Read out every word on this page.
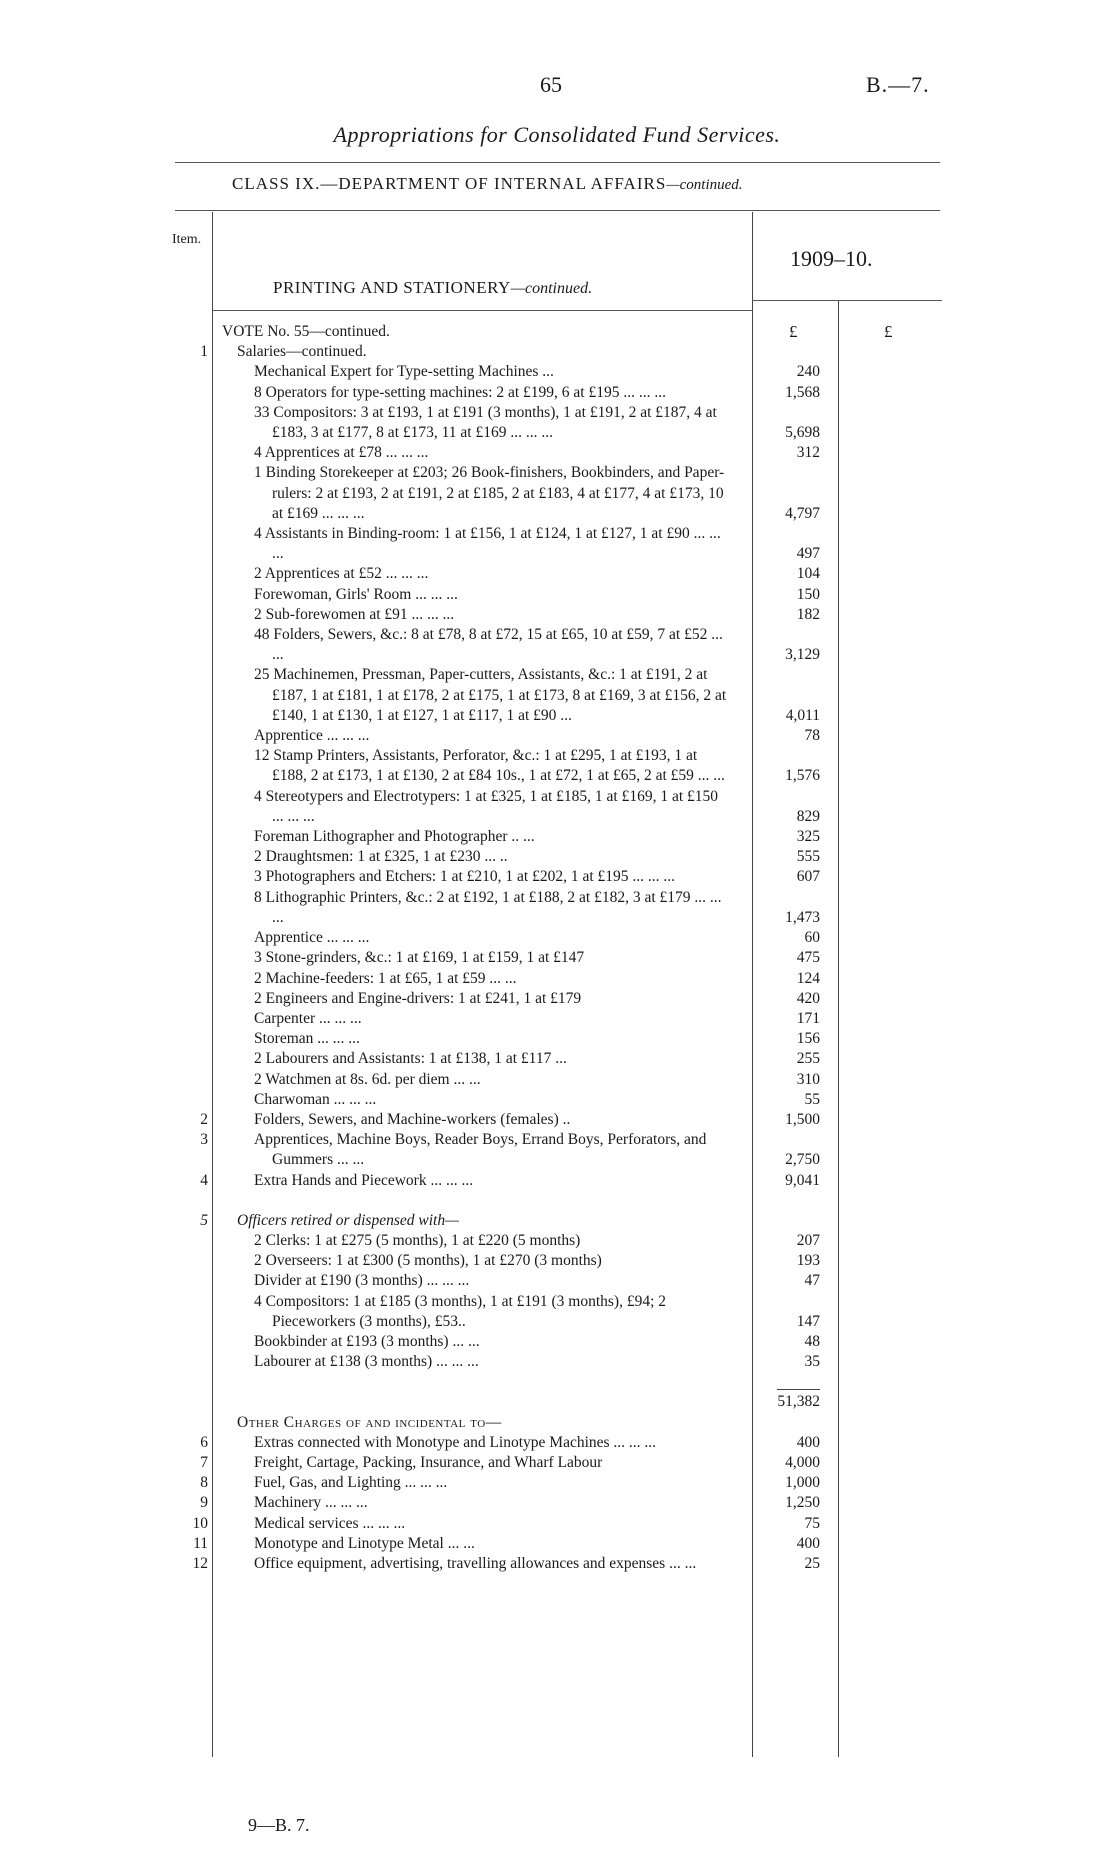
65	B.—7.
Appropriations for Consolidated Fund Services.
CLASS IX.—DEPARTMENT OF INTERNAL AFFAIRS—continued.
Item.
1909–10.
PRINTING AND STATIONERY—continued.
£	£
VOTE No. 55—continued.
1 Salaries—continued.
Mechanical Expert for Type-setting Machines ...	240
8 Operators for type-setting machines: 2 at £199, 6 at £195 ... ... ...	1,568
33 Compositors: 3 at £193, 1 at £191 (3 months), 1 at £191, 2 at £187, 4 at £183, 3 at £177, 8 at £173, 11 at £169 ... ... ...	5,698
4 Apprentices at £78 ... ... ...	312
1 Binding Storekeeper at £203; 26 Book-finishers, Bookbinders, and Paper-rulers: 2 at £193, 2 at £191, 2 at £185, 2 at £183, 4 at £177, 4 at £173, 10 at £169 ... ... ...	4,797
4 Assistants in Binding-room: 1 at £156, 1 at £124, 1 at £127, 1 at £90 ... ... ...	497
2 Apprentices at £52 ... ... ...	104
Forewoman, Girls' Room ... ... ...	150
2 Sub-forewomen at £91 ... ... ...	182
48 Folders, Sewers, &c.: 8 at £78, 8 at £72, 15 at £65, 10 at £59, 7 at £52 ... ...	3,129
25 Machinemen, Pressman, Paper-cutters, Assistants, &c.: 1 at £191, 2 at £187, 1 at £181, 1 at £178, 2 at £175, 1 at £173, 8 at £169, 3 at £156, 2 at £140, 1 at £130, 1 at £127, 1 at £117, 1 at £90 ...	4,011
Apprentice ... ... ...	78
12 Stamp Printers, Assistants, Perforator, &c.: 1 at £295, 1 at £193, 1 at £188, 2 at £173, 1 at £130, 2 at £84 10s., 1 at £72, 1 at £65, 2 at £59 ... ...	1,576
4 Stereotypers and Electrotypers: 1 at £325, 1 at £185, 1 at £169, 1 at £150 ... ... ...	829
Foreman Lithographer and Photographer .. ...	325
2 Draughtsmen: 1 at £325, 1 at £230 ... ..	555
3 Photographers and Etchers: 1 at £210, 1 at £202, 1 at £195 ... ... ...	607
8 Lithographic Printers, &c.: 2 at £192, 1 at £188, 2 at £182, 3 at £179 ... ... ...	1,473
Apprentice ... ... ...	60
3 Stone-grinders, &c.: 1 at £169, 1 at £159, 1 at £147	475
2 Machine-feeders: 1 at £65, 1 at £59 ... ...	124
2 Engineers and Engine-drivers: 1 at £241, 1 at £179	420
Carpenter ... ... ...	171
Storeman ... ... ...	156
2 Labourers and Assistants: 1 at £138, 1 at £117 ...	255
2 Watchmen at 8s. 6d. per diem ... ...	310
Charwoman ... ... ...	55
2	Folders, Sewers, and Machine-workers (females) ..	1,500
3	Apprentices, Machine Boys, Reader Boys, Errand Boys, Perforators, and Gummers ... ...	2,750
4	Extra Hands and Piecework ... ... ...	9,041
5 Officers retired or dispensed with—
2 Clerks: 1 at £275 (5 months), 1 at £220 (5 months)	207
2 Overseers: 1 at £300 (5 months), 1 at £270 (3 months)	193
Divider at £190 (3 months) ... ... ...	47
4 Compositors: 1 at £185 (3 months), 1 at £191 (3 months), £94; 2 Pieceworkers (3 months), £53..	147
Bookbinder at £193 (3 months) ... ...	48
Labourer at £138 (3 months) ... ... ...	35

51,382
Other Charges of and incidental to—
6	Extras connected with Monotype and Linotype Machines ... ... ...	400
7	Freight, Cartage, Packing, Insurance, and Wharf Labour	4,000
8	Fuel, Gas, and Lighting ... ... ...	1,000
9	Machinery ... ... ...	1,250
10	Medical services ... ... ...	75
11	Monotype and Linotype Metal ... ...	400
12	Office equipment, advertising, travelling allowances and expenses ... ...	25
9—B. 7.
